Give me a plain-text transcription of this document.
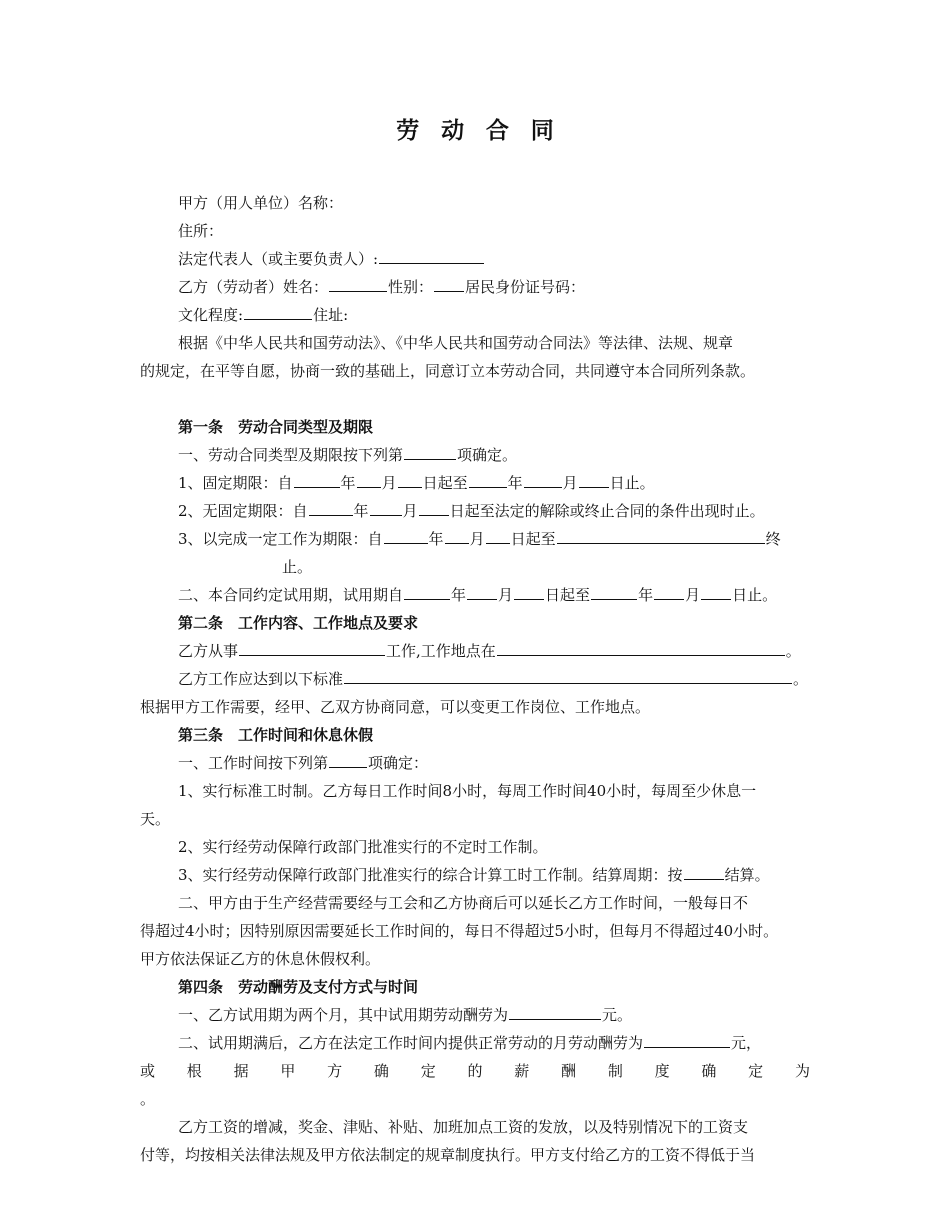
劳动合同
甲方（用人单位）名称：
住所：
法定代表人（或主要负责人）:
乙方（劳动者）姓名：	性别： 居民身份证号码：
文化程度:	住址:
根据《中华人民共和国劳动法》、《中华人民共和国劳动合同法》等法律、法规、规章
的规定，在平等自愿，协商一致的基础上，同意订立本劳动合同，共同遵守本合同所列条款。
第一条　劳动合同类型及期限
一、劳动合同类型及期限按下列第	项确定。
1、固定期限：自	年 月 日起至	年	月 日止。
2、无固定期限：自	年 月 日起至法定的解除或终止合同的条件出现时止。
3、以完成一定工作为期限：自	年 月 日起至	终
止。
二、本合同约定试用期，试用期自	年 月 日起至	年 月 日止。
第二条　工作内容、工作地点及要求
乙方从事	工作,工作地点在	。
乙方工作应达到以下标准	。
根据甲方工作需要，经甲、乙双方协商同意，可以变更工作岗位、工作地点。
第三条　工作时间和休息休假
一、工作时间按下列第	项确定：
1、实行标准工时制。乙方每日工作时间8小时，每周工作时间40小时，每周至少休息一
天。
2、实行经劳动保障行政部门批准实行的不定时工作制。
3、实行经劳动保障行政部门批准实行的综合计算工时工作制。结算周期：按	结算。
二、甲方由于生产经营需要经与工会和乙方协商后可以延长乙方工作时间，一般每日不
得超过4小时；因特别原因需要延长工作时间的，每日不得超过5小时，但每月不得超过40小时。
甲方依法保证乙方的休息休假权利。
第四条　劳动酬劳及支付方式与时间
一、乙方试用期为两个月，其中试用期劳动酬劳为	元。
二、试用期满后，乙方在法定工作时间内提供正常劳动的月劳动酬劳为	元，
或 根 据 甲 方 确 定 的 薪 酬 制 度 确 定 为
。
乙方工资的增减，奖金、津贴、补贴、加班加点工资的发放，以及特别情况下的工资支
付等，均按相关法律法规及甲方依法制定的规章制度执行。甲方支付给乙方的工资不得低于当
